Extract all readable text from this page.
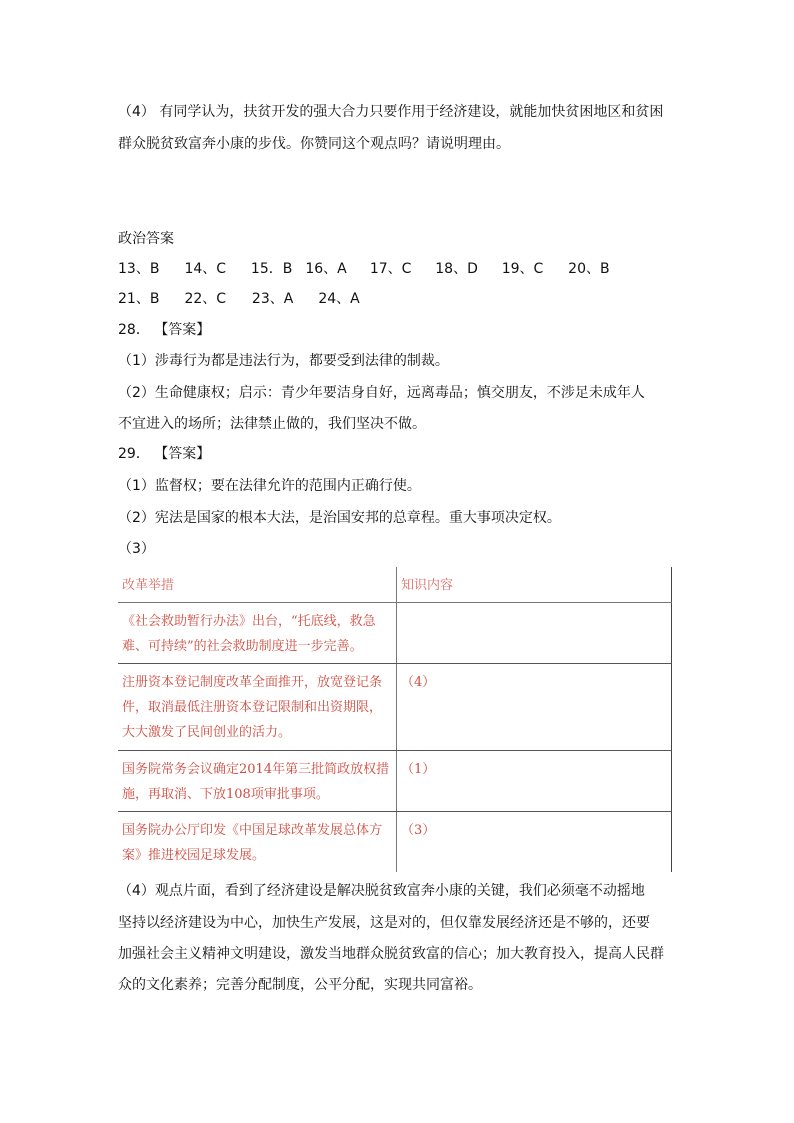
（4） 有同学认为，扶贫开发的强大合力只要作用于经济建设，就能加快贫困地区和贫困
群众脱贫致富奔小康的步伐。你赞同这个观点吗？请说明理由。
政治答案
13、B 14、C 15．B 16、A 17、C 18、D 19、C 20、B
21、B 22、C 23、A 24、A
28． 【答案】
（1）涉毒行为都是违法行为，都要受到法律的制裁。
（2）生命健康权；启示：青少年要洁身自好，远离毒品；慎交朋友，不涉足未成年人
不宜进入的场所；法律禁止做的，我们坚决不做。
29． 【答案】
（1）监督权；要在法律允许的范围内正确行使。
（2）宪法是国家的根本大法，是治国安邦的总章程。重大事项决定权。
（3）
改革举措	知识内容
《社会救助暂行办法》出台，“托底线，救急难、可持续”的社会救助制度进一步完善。	
注册资本登记制度改革全面推开，放宽登记条件，取消最低注册资本登记限制和出资期限，大大激发了民间创业的活力。	（4）
国务院常务会议确定2014年第三批简政放权措施，再取消、下放108项审批事项。	（1）
国务院办公厅印发《中国足球改革发展总体方案》推进校园足球发展。	（3）
（4）观点片面，看到了经济建设是解决脱贫致富奔小康的关键，我们必须毫不动摇地
坚持以经济建设为中心，加快生产发展，这是对的，但仅靠发展经济还是不够的，还要
加强社会主义精神文明建设，激发当地群众脱贫致富的信心；加大教育投入，提高人民群
众的文化素养；完善分配制度，公平分配，实现共同富裕。
